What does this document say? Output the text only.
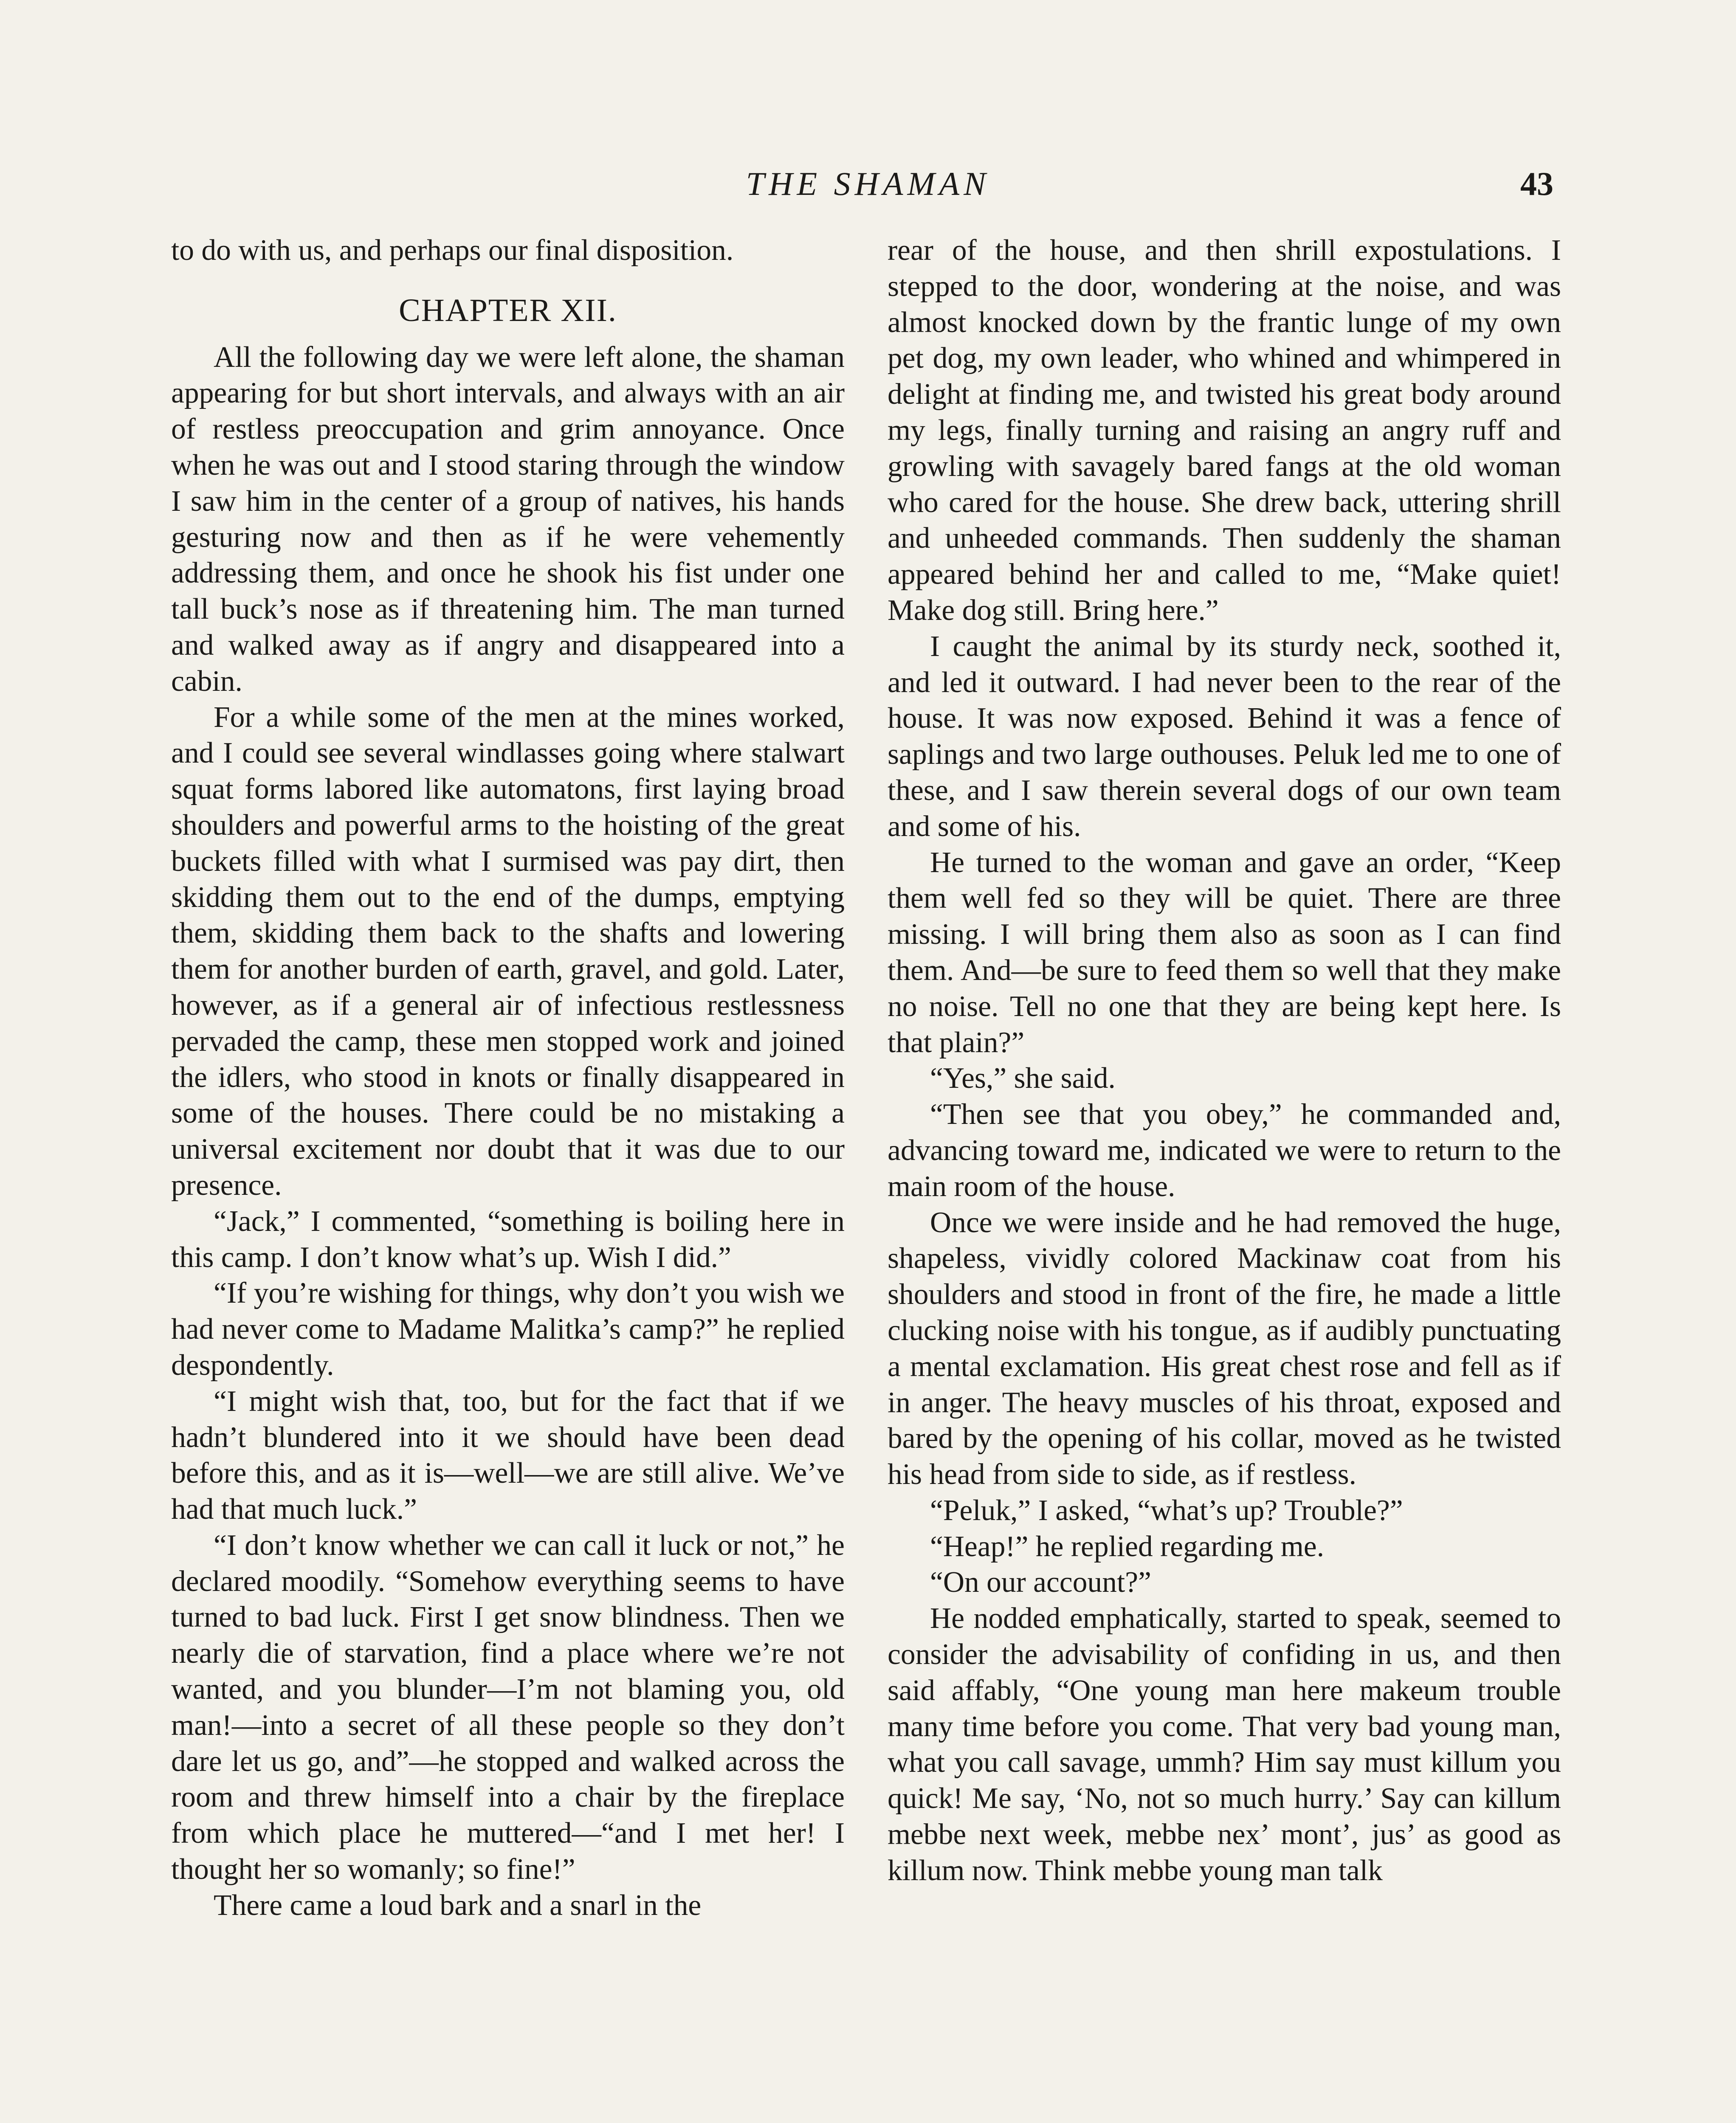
THE SHAMAN	43

to do with us, and perhaps our final disposition.

CHAPTER XII.

All the following day we were left alone, the shaman appearing for but short intervals, and always with an air of restless preoccupation and grim annoyance. Once when he was out and I stood staring through the window I saw him in the center of a group of natives, his hands gesturing now and then as if he were vehemently addressing them, and once he shook his fist under one tall buck’s nose as if threatening him. The man turned and walked away as if angry and disappeared into a cabin.

For a while some of the men at the mines worked, and I could see several windlasses going where stalwart squat forms labored like automatons, first laying broad shoulders and powerful arms to the hoisting of the great buckets filled with what I surmised was pay dirt, then skidding them out to the end of the dumps, emptying them, skidding them back to the shafts and lowering them for another burden of earth, gravel, and gold. Later, however, as if a general air of infectious restlessness pervaded the camp, these men stopped work and joined the idlers, who stood in knots or finally disappeared in some of the houses. There could be no mistaking a universal excitement nor doubt that it was due to our presence.

“Jack,” I commented, “something is boiling here in this camp. I don’t know what’s up. Wish I did.”

“If you’re wishing for things, why don’t you wish we had never come to Madame Malitka’s camp?” he replied despondently.

“I might wish that, too, but for the fact that if we hadn’t blundered into it we should have been dead before this, and as it is—well—we are still alive. We’ve had that much luck.”

“I don’t know whether we can call it luck or not,” he declared moodily. “Somehow everything seems to have turned to bad luck. First I get snow blindness. Then we nearly die of starvation, find a place where we’re not wanted, and you blunder—I’m not blaming you, old man!—into a secret of all these people so they don’t dare let us go, and”—he stopped and walked across the room and threw himself into a chair by the fireplace from which place he muttered—“and I met her! I thought her so womanly; so fine!”

There came a loud bark and a snarl in the

rear of the house, and then shrill expostulations. I stepped to the door, wondering at the noise, and was almost knocked down by the frantic lunge of my own pet dog, my own leader, who whined and whimpered in delight at finding me, and twisted his great body around my legs, finally turning and raising an angry ruff and growling with savagely bared fangs at the old woman who cared for the house. She drew back, uttering shrill and unheeded commands. Then suddenly the shaman appeared behind her and called to me, “Make quiet! Make dog still. Bring here.”

I caught the animal by its sturdy neck, soothed it, and led it outward. I had never been to the rear of the house. It was now exposed. Behind it was a fence of saplings and two large outhouses. Peluk led me to one of these, and I saw therein several dogs of our own team and some of his.

He turned to the woman and gave an order, “Keep them well fed so they will be quiet. There are three missing. I will bring them also as soon as I can find them. And—be sure to feed them so well that they make no noise. Tell no one that they are being kept here. Is that plain?”

“Yes,” she said.

“Then see that you obey,” he commanded and, advancing toward me, indicated we were to return to the main room of the house.

Once we were inside and he had removed the huge, shapeless, vividly colored Mackinaw coat from his shoulders and stood in front of the fire, he made a little clucking noise with his tongue, as if audibly punctuating a mental exclamation. His great chest rose and fell as if in anger. The heavy muscles of his throat, exposed and bared by the opening of his collar, moved as he twisted his head from side to side, as if restless.

“Peluk,” I asked, “what’s up? Trouble?”

“Heap!” he replied regarding me.

“On our account?”

He nodded emphatically, started to speak, seemed to consider the advisability of confiding in us, and then said affably, “One young man here makeum trouble many time before you come. That very bad young man, what you call savage, ummh? Him say must killum you quick! Me say, ‘No, not so much hurry.’ Say can killum mebbe next week, mebbe nex’ mont’, jus’ as good as killum now. Think mebbe young man talk
